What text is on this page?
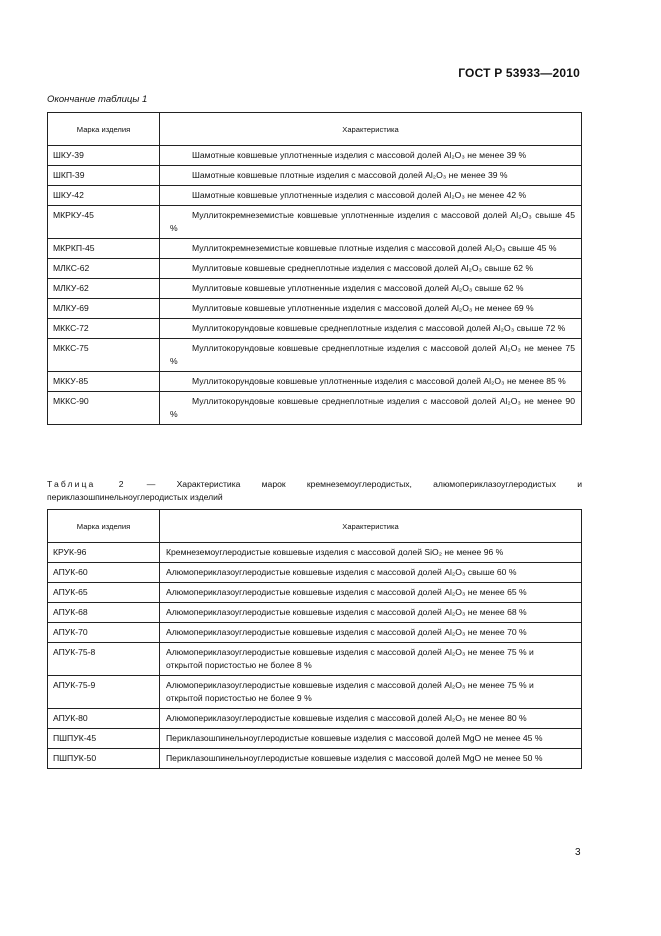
ГОСТ Р 53933—2010
Окончание таблицы 1
Марка изделия	Характеристика
ШКУ-39	Шамотные ковшевые уплотненные изделия с массовой долей Al₂O₃ не менее 39 %
ШКП-39	Шамотные ковшевые плотные изделия с массовой долей Al₂O₃ не менее 39 %
ШКУ-42	Шамотные ковшевые уплотненные изделия с массовой долей Al₂O₃ не менее 42 %
МКРКУ-45	Муллитокремнеземистые ковшевые уплотненные изделия с массовой долей Al₂O₃ свыше 45 %
МКРКП-45	Муллитокремнеземистые ковшевые плотные изделия с массовой долей Al₂O₃ свыше 45 %
МЛКС-62	Муллитовые ковшевые среднеплотные изделия с массовой долей Al₂O₃ свыше 62 %
МЛКУ-62	Муллитовые ковшевые уплотненные изделия с массовой долей Al₂O₃ свыше 62 %
МЛКУ-69	Муллитовые ковшевые уплотненные изделия с массовой долей Al₂O₃ не менее 69 %
МККС-72	Муллитокорундовые ковшевые среднеплотные изделия с массовой долей Al₂O₃ свыше 72 %
МККС-75	Муллитокорундовые ковшевые среднеплотные изделия с массовой долей Al₂O₃ не менее 75 %
МККУ-85	Муллитокорундовые ковшевые уплотненные изделия с массовой долей Al₂O₃ не менее 85 %
МККС-90	Муллитокорундовые ковшевые среднеплотные изделия с массовой долей Al₂O₃ не менее 90 %
Таблица 2 — Характеристика марок кремнеземоуглеродистых, алюмопериклазоуглеродистых и периклазошпинельноуглеродистых изделий
Марка изделия	Характеристика
КРУК-96	Кремнеземоуглеродистые ковшевые изделия с массовой долей SiO₂ не менее 96 %
АПУК-60	Алюмопериклазоуглеродистые ковшевые изделия с массовой долей Al₂O₃ свыше 60 %
АПУК-65	Алюмопериклазоуглеродистые ковшевые изделия с массовой долей Al₂O₃ не менее 65 %
АПУК-68	Алюмопериклазоуглеродистые ковшевые изделия с массовой долей Al₂O₃ не менее 68 %
АПУК-70	Алюмопериклазоуглеродистые ковшевые изделия с массовой долей Al₂O₃ не менее 70 %
АПУК-75-8	Алюмопериклазоуглеродистые ковшевые изделия с массовой долей Al₂O₃ не менее 75 % и открытой пористостью не более 8 %
АПУК-75-9	Алюмопериклазоуглеродистые ковшевые изделия с массовой долей Al₂O₃ не менее 75 % и открытой пористостью не более 9 %
АПУК-80	Алюмопериклазоуглеродистые ковшевые изделия с массовой долей Al₂O₃ не менее 80 %
ПШПУК-45	Периклазошпинельноуглеродистые ковшевые изделия с массовой долей MgO не менее 45 %
ПШПУК-50	Периклазошпинельноуглеродистые ковшевые изделия с массовой долей MgO не менее 50 %
3
